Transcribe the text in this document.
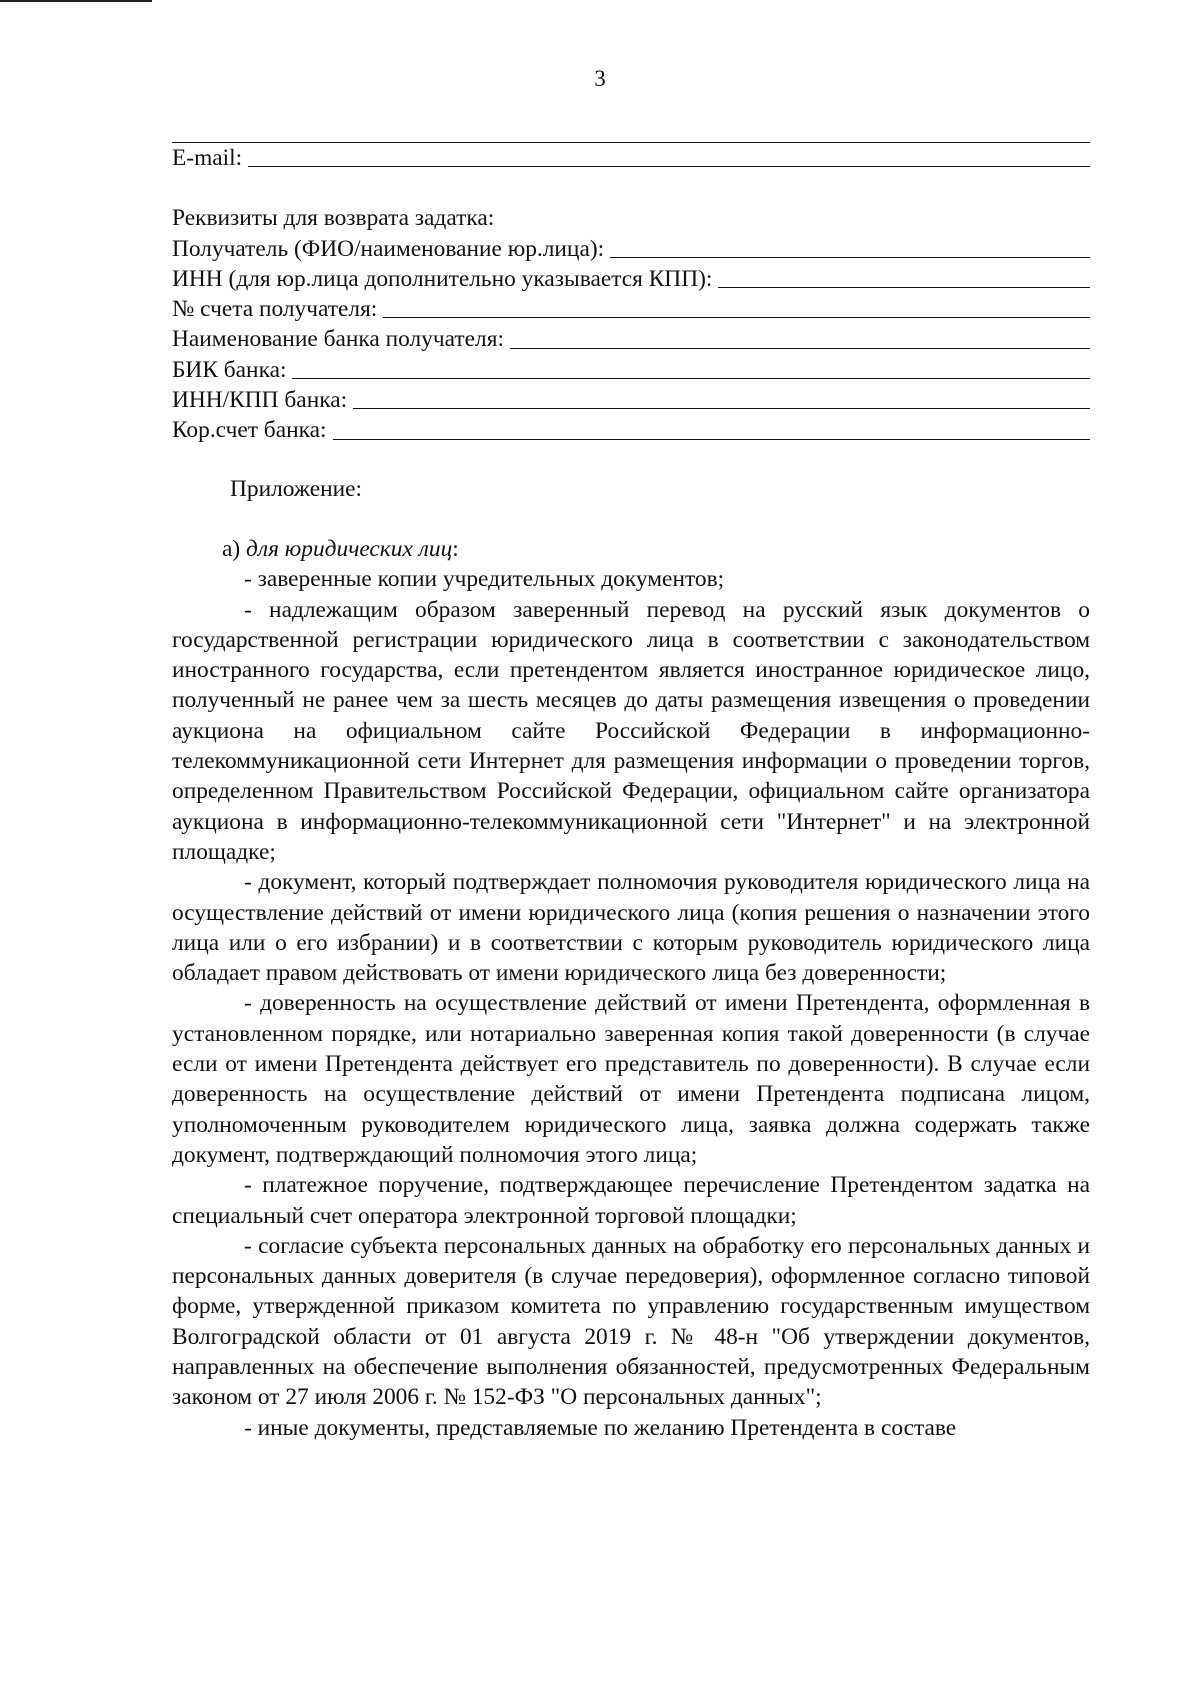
3
E-mail:
Реквизиты для возврата задатка:
Получатель (ФИО/наименование юр.лица):
ИНН (для юр.лица дополнительно указывается КПП):
№ счета получателя:
Наименование банка получателя:
БИК банка:
ИНН/КПП банка:
Кор.счет банка:
Приложение:
а) для юридических лиц:

- заверенные копии учредительных документов;

- надлежащим образом заверенный перевод на русский язык документов о государственной регистрации юридического лица в соответствии с законодательством иностранного государства, если претендентом является иностранное юридическое лицо, полученный не ранее чем за шесть месяцев до даты размещения извещения о проведении аукциона на официальном сайте Российской Федерации в информационно-телекоммуникационной сети Интернет для размещения информации о проведении торгов, определенном Правительством Российской Федерации, официальном сайте организатора аукциона в информационно-телекоммуникационной сети "Интернет" и на электронной площадке;

- документ, который подтверждает полномочия руководителя юридического лица на осуществление действий от имени юридического лица (копия решения о назначении этого лица или о его избрании) и в соответствии с которым руководитель юридического лица обладает правом действовать от имени юридического лица без доверенности;

- доверенность на осуществление действий от имени Претендента, оформленная в установленном порядке, или нотариально заверенная копия такой доверенности (в случае если от имени Претендента действует его представитель по доверенности). В случае если доверенность на осуществление действий от имени Претендента подписана лицом, уполномоченным руководителем юридического лица, заявка должна содержать также документ, подтверждающий полномочия этого лица;

- платежное поручение, подтверждающее перечисление Претендентом задатка на специальный счет оператора электронной торговой площадки;

- согласие субъекта персональных данных на обработку его персональных данных и персональных данных доверителя (в случае передоверия), оформленное согласно типовой форме, утвержденной приказом комитета по управлению государственным имуществом Волгоградской области от 01 августа 2019 г. № 48-н "Об утверждении документов, направленных на обеспечение выполнения обязанностей, предусмотренных Федеральным законом от 27 июля 2006 г. № 152-ФЗ "О персональных данных";

- иные документы, представляемые по желанию Претендента в составе
